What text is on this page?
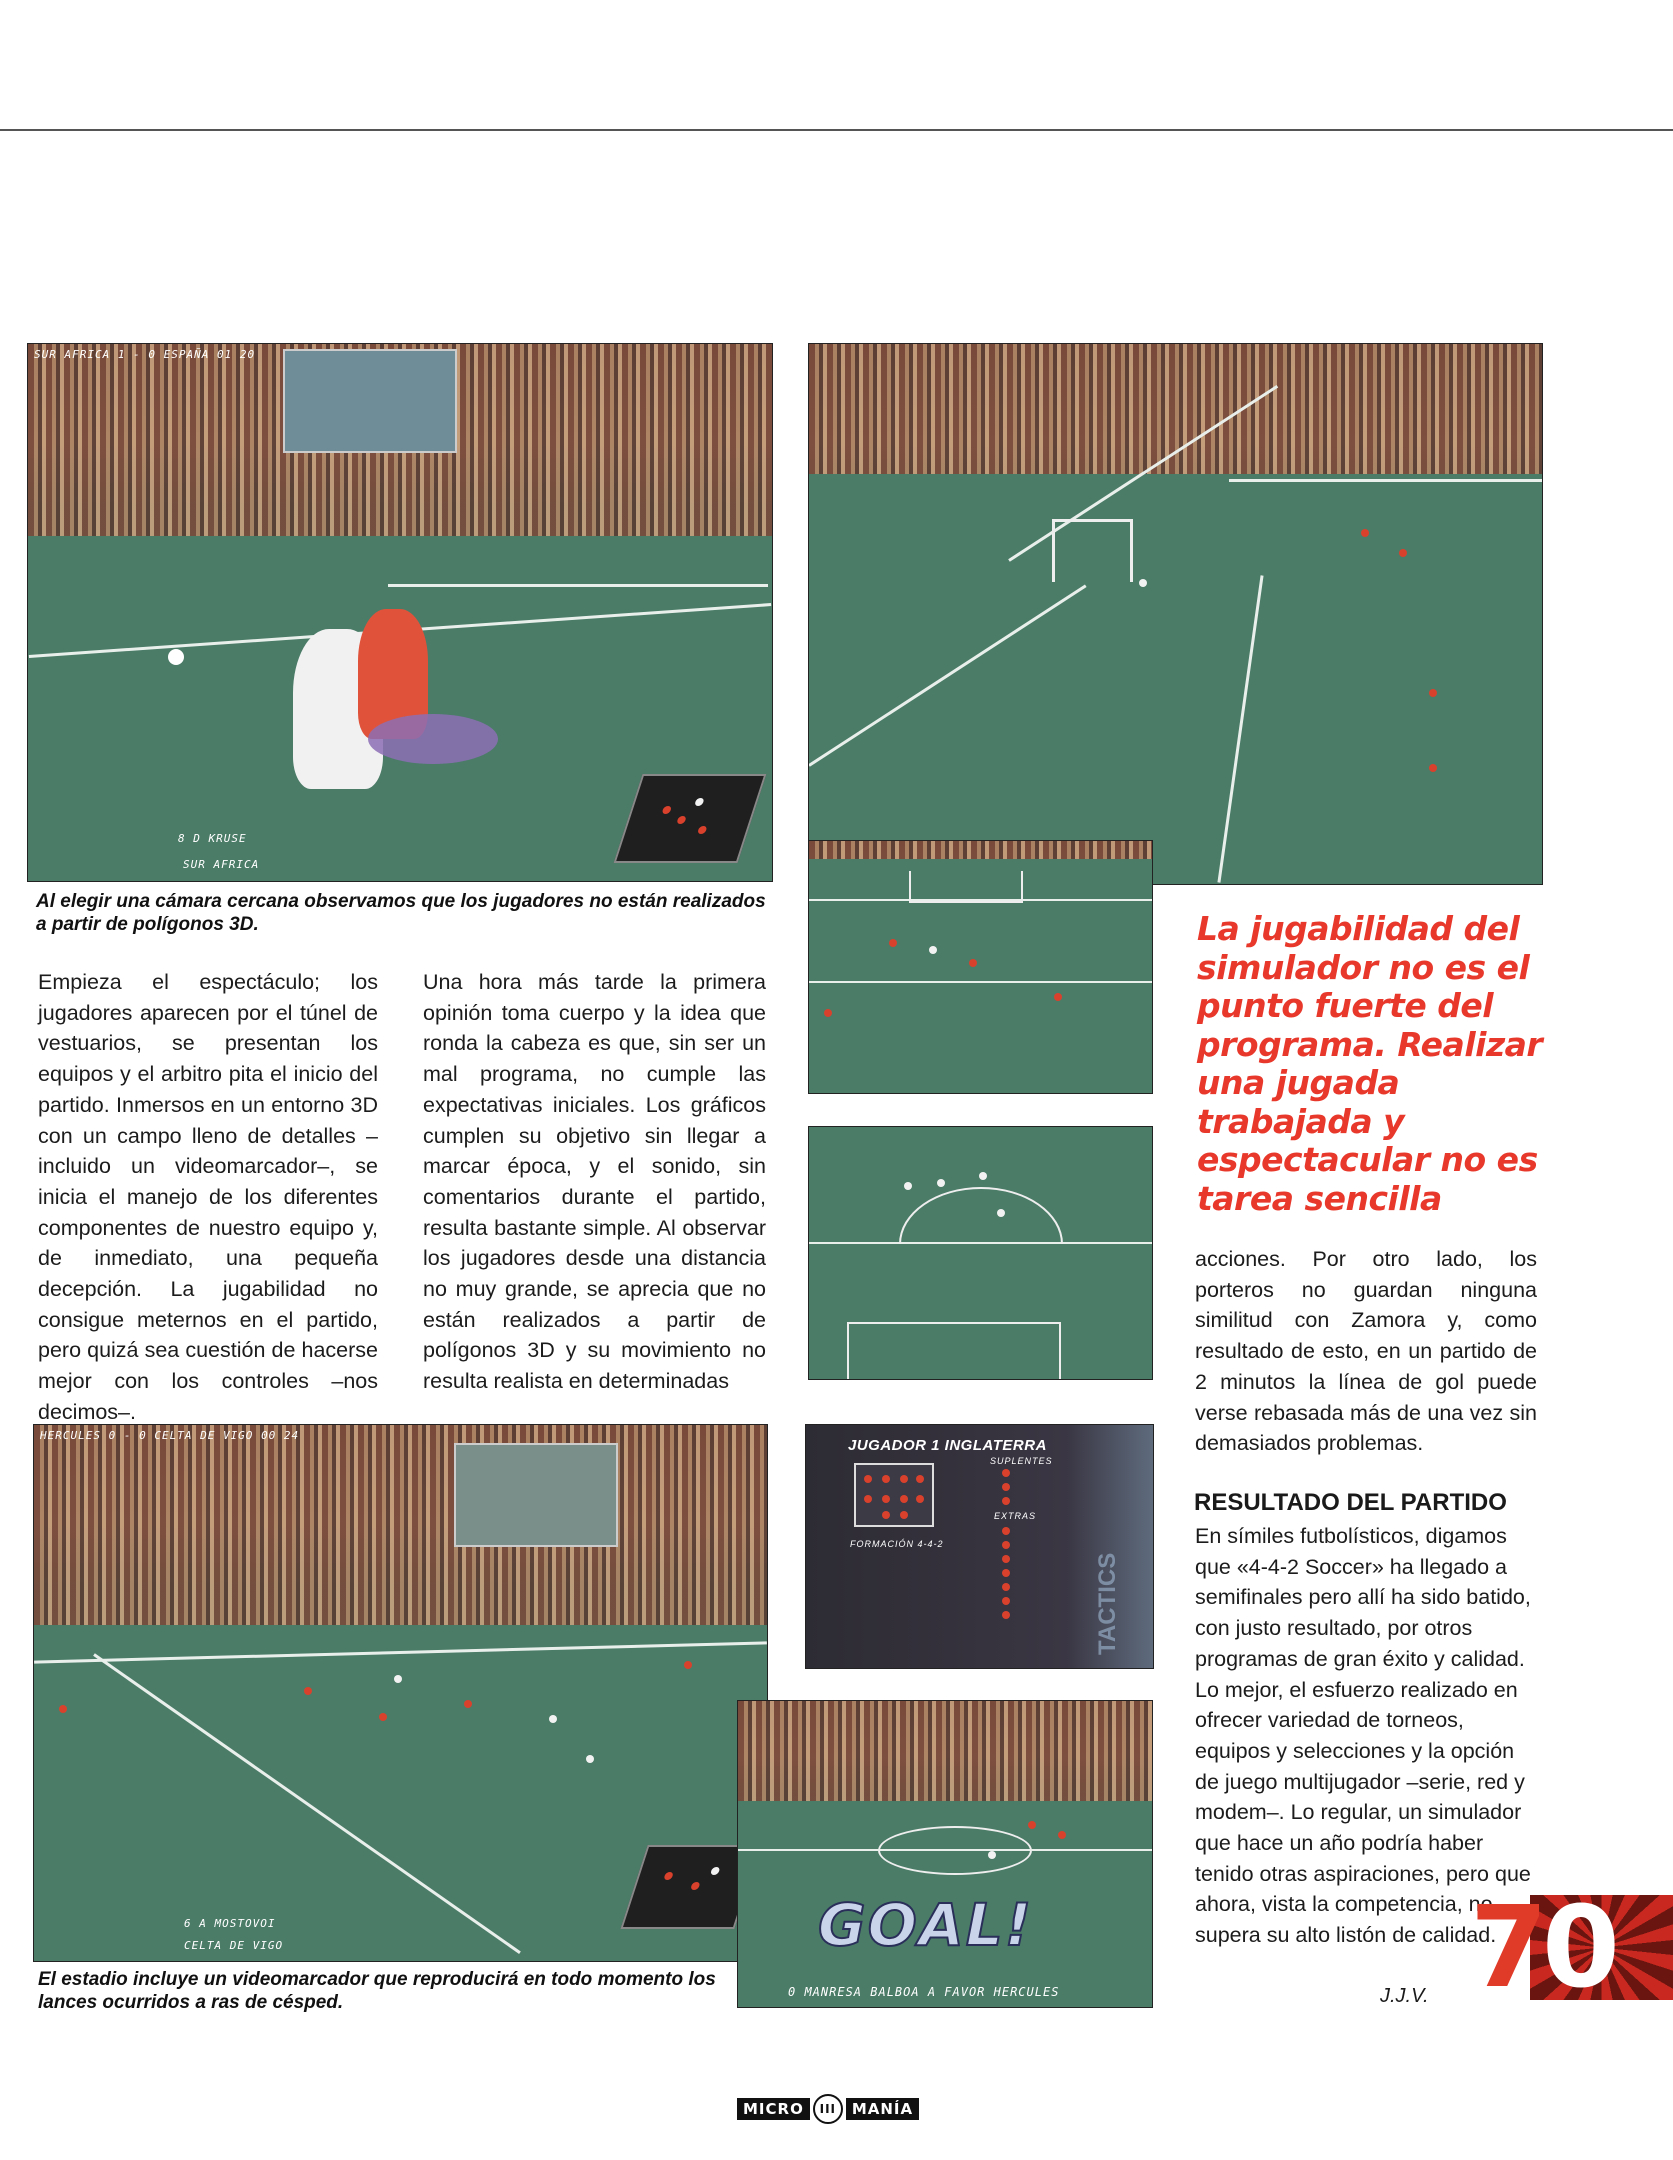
SUR AFRICA 1 - 0 ESPAÑA 01 20
8 D KRUSE
SUR AFRICA
Al elegir una cámara cercana observamos que los jugadores no están realizados a partir de polígonos 3D.	La jugabilidad del simulador no es el punto fuerte del programa. Realizar una jugada trabajada y espectacular no es tarea sencilla
Empieza el espectáculo; los jugadores aparecen por el túnel de vestuarios, se presentan los equipos y el arbitro pita el inicio del partido. Inmersos en un entorno 3D con un campo lleno de detalles –incluido un videomarcador–, se inicia el manejo de los diferentes componentes de nuestro equipo y, de inmediato, una pequeña decepción. La jugabilidad no consigue meternos en el partido, pero quizá sea cuestión de hacerse mejor con los controles –nos decimos–.
Una hora más tarde la primera opinión toma cuerpo y la idea que ronda la cabeza es que, sin ser un mal programa, no cumple las expectativas iniciales. Los gráficos cumplen su objetivo sin llegar a marcar época, y el sonido, sin comentarios durante el partido, resulta bastante simple. Al observar los jugadores desde una distancia no muy grande, se aprecia que no están realizados a partir de polígonos 3D y su movimiento no resulta realista en determinadas
acciones. Por otro lado, los porteros no guardan ninguna similitud con Zamora y, como resultado de esto, en un partido de 2 minutos la línea de gol puede verse rebasada más de una vez sin demasiados problemas.
RESULTADO DEL PARTIDO
En símiles futbolísticos, digamos que «4-4-2 Soccer» ha llegado a semifinales pero allí ha sido batido, con justo resultado, por otros programas de gran éxito y calidad. Lo mejor, el esfuerzo realizado en ofrecer variedad de torneos, equipos y selecciones y la opción de juego multijugador –serie, red y modem–. Lo regular, un simulador que hace un año podría haber tenido otras aspiraciones, pero que ahora, vista la competencia, no supera su alto listón de calidad.
J.J.V.
HERCULES 0 - 0 CELTA DE VIGO 00 24
6 A MOSTOVOI
CELTA DE VIGO
El estadio incluye un videomarcador que reproducirá en todo momento los lances ocurridos a ras de césped.
JUGADOR 1 INGLATERRA
SUPLENTES
EXTRAS
FORMACIÓN 4-4-2
TACTICS
GOAL!
0 MANRESA BALBOA A FAVOR HERCULES	70
MICRO	III	MANÍA
